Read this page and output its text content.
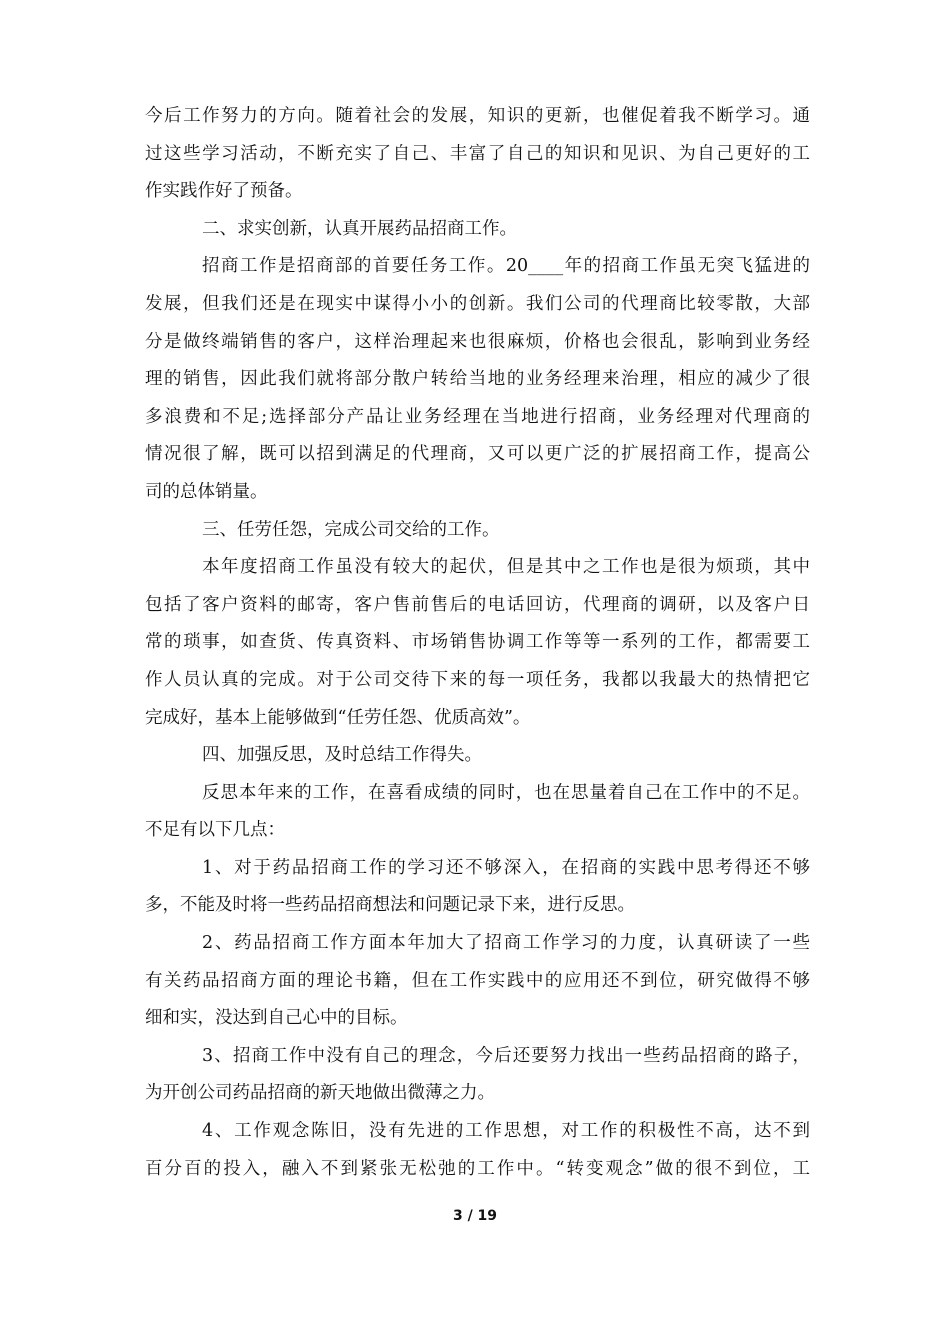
今后工作努力的方向。随着社会的发展，知识的更新，也催促着我不断学习。通
过这些学习活动，不断充实了自己、丰富了自己的知识和见识、为自己更好的工
作实践作好了预备。
二、求实创新，认真开展药品招商工作。
招商工作是招商部的首要任务工作。20____年的招商工作虽无突飞猛进的
发展，但我们还是在现实中谋得小小的创新。我们公司的代理商比较零散，大部
分是做终端销售的客户，这样治理起来也很麻烦，价格也会很乱，影响到业务经
理的销售，因此我们就将部分散户转给当地的业务经理来治理，相应的减少了很
多浪费和不足;选择部分产品让业务经理在当地进行招商，业务经理对代理商的
情况很了解，既可以招到满足的代理商，又可以更广泛的扩展招商工作，提高公
司的总体销量。
三、任劳任怨，完成公司交给的工作。
本年度招商工作虽没有较大的起伏，但是其中之工作也是很为烦琐，其中
包括了客户资料的邮寄，客户售前售后的电话回访，代理商的调研，以及客户日
常的琐事，如查货、传真资料、市场销售协调工作等等一系列的工作，都需要工
作人员认真的完成。对于公司交待下来的每一项任务，我都以我最大的热情把它
完成好，基本上能够做到“任劳任怨、优质高效”。
四、加强反思，及时总结工作得失。
反思本年来的工作，在喜看成绩的同时，也在思量着自己在工作中的不足。
不足有以下几点：
1、对于药品招商工作的学习还不够深入，在招商的实践中思考得还不够
多，不能及时将一些药品招商想法和问题记录下来，进行反思。
2、药品招商工作方面本年加大了招商工作学习的力度，认真研读了一些
有关药品招商方面的理论书籍，但在工作实践中的应用还不到位，研究做得不够
细和实，没达到自己心中的目标。
3、招商工作中没有自己的理念，今后还要努力找出一些药品招商的路子，
为开创公司药品招商的新天地做出微薄之力。
4、工作观念陈旧，没有先进的工作思想，对工作的积极性不高，达不到
百分百的投入，融入不到紧张无松弛的工作中。“转变观念”做的很不到位，工
3 / 19
